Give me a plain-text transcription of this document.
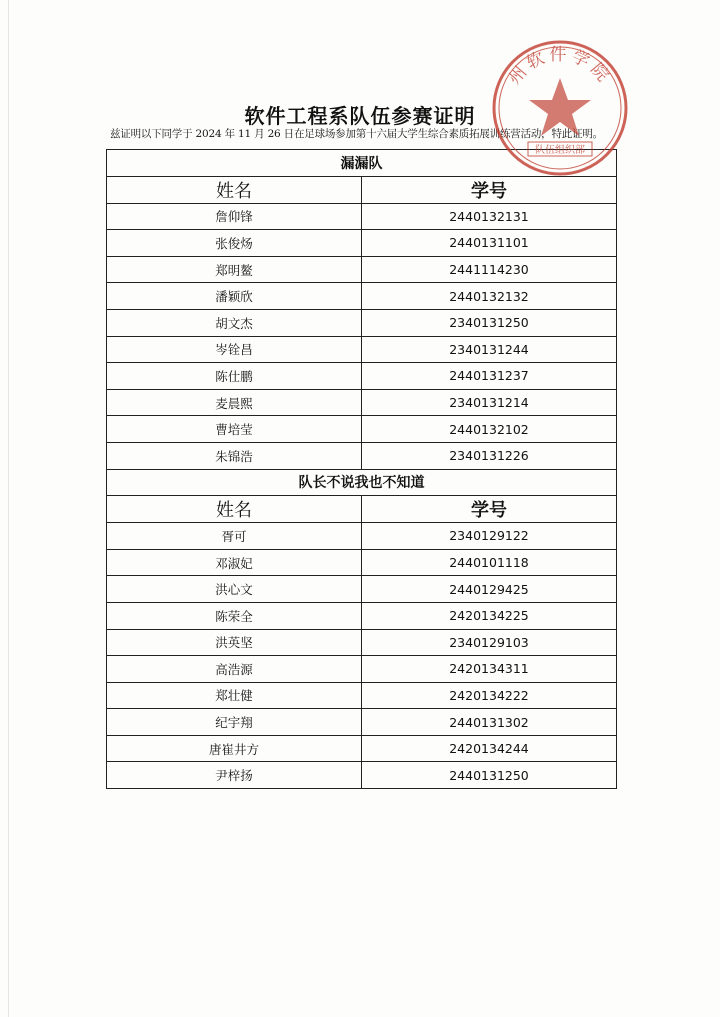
软件工程系队伍参赛证明
兹证明以下同学于 2024 年 11 月 26 日在足球场参加第十六届大学生综合素质拓展训练营活动，特此证明。
漏漏队	
姓名	学号
詹仰锋	2440132131
张俊炀	2440131101
郑明鳌	2441114230
潘颖欣	2440132132
胡文杰	2340131250
岑铨昌	2340131244
陈仕鹏	2440131237
麦晨熙	2340131214
曹培莹	2440132102
朱锦浩	2340131226
队长不说我也不知道	
姓名	学号
胥可	2340129122
邓淑妃	2440101118
洪心文	2440129425
陈荣全	2420134225
洪英坚	2340129103
高浩源	2420134311
郑壮健	2420134222
纪宇翔	2440131302
唐崔井方	2420134244
尹梓扬	2440131250
州软件学院
队伍组织部
